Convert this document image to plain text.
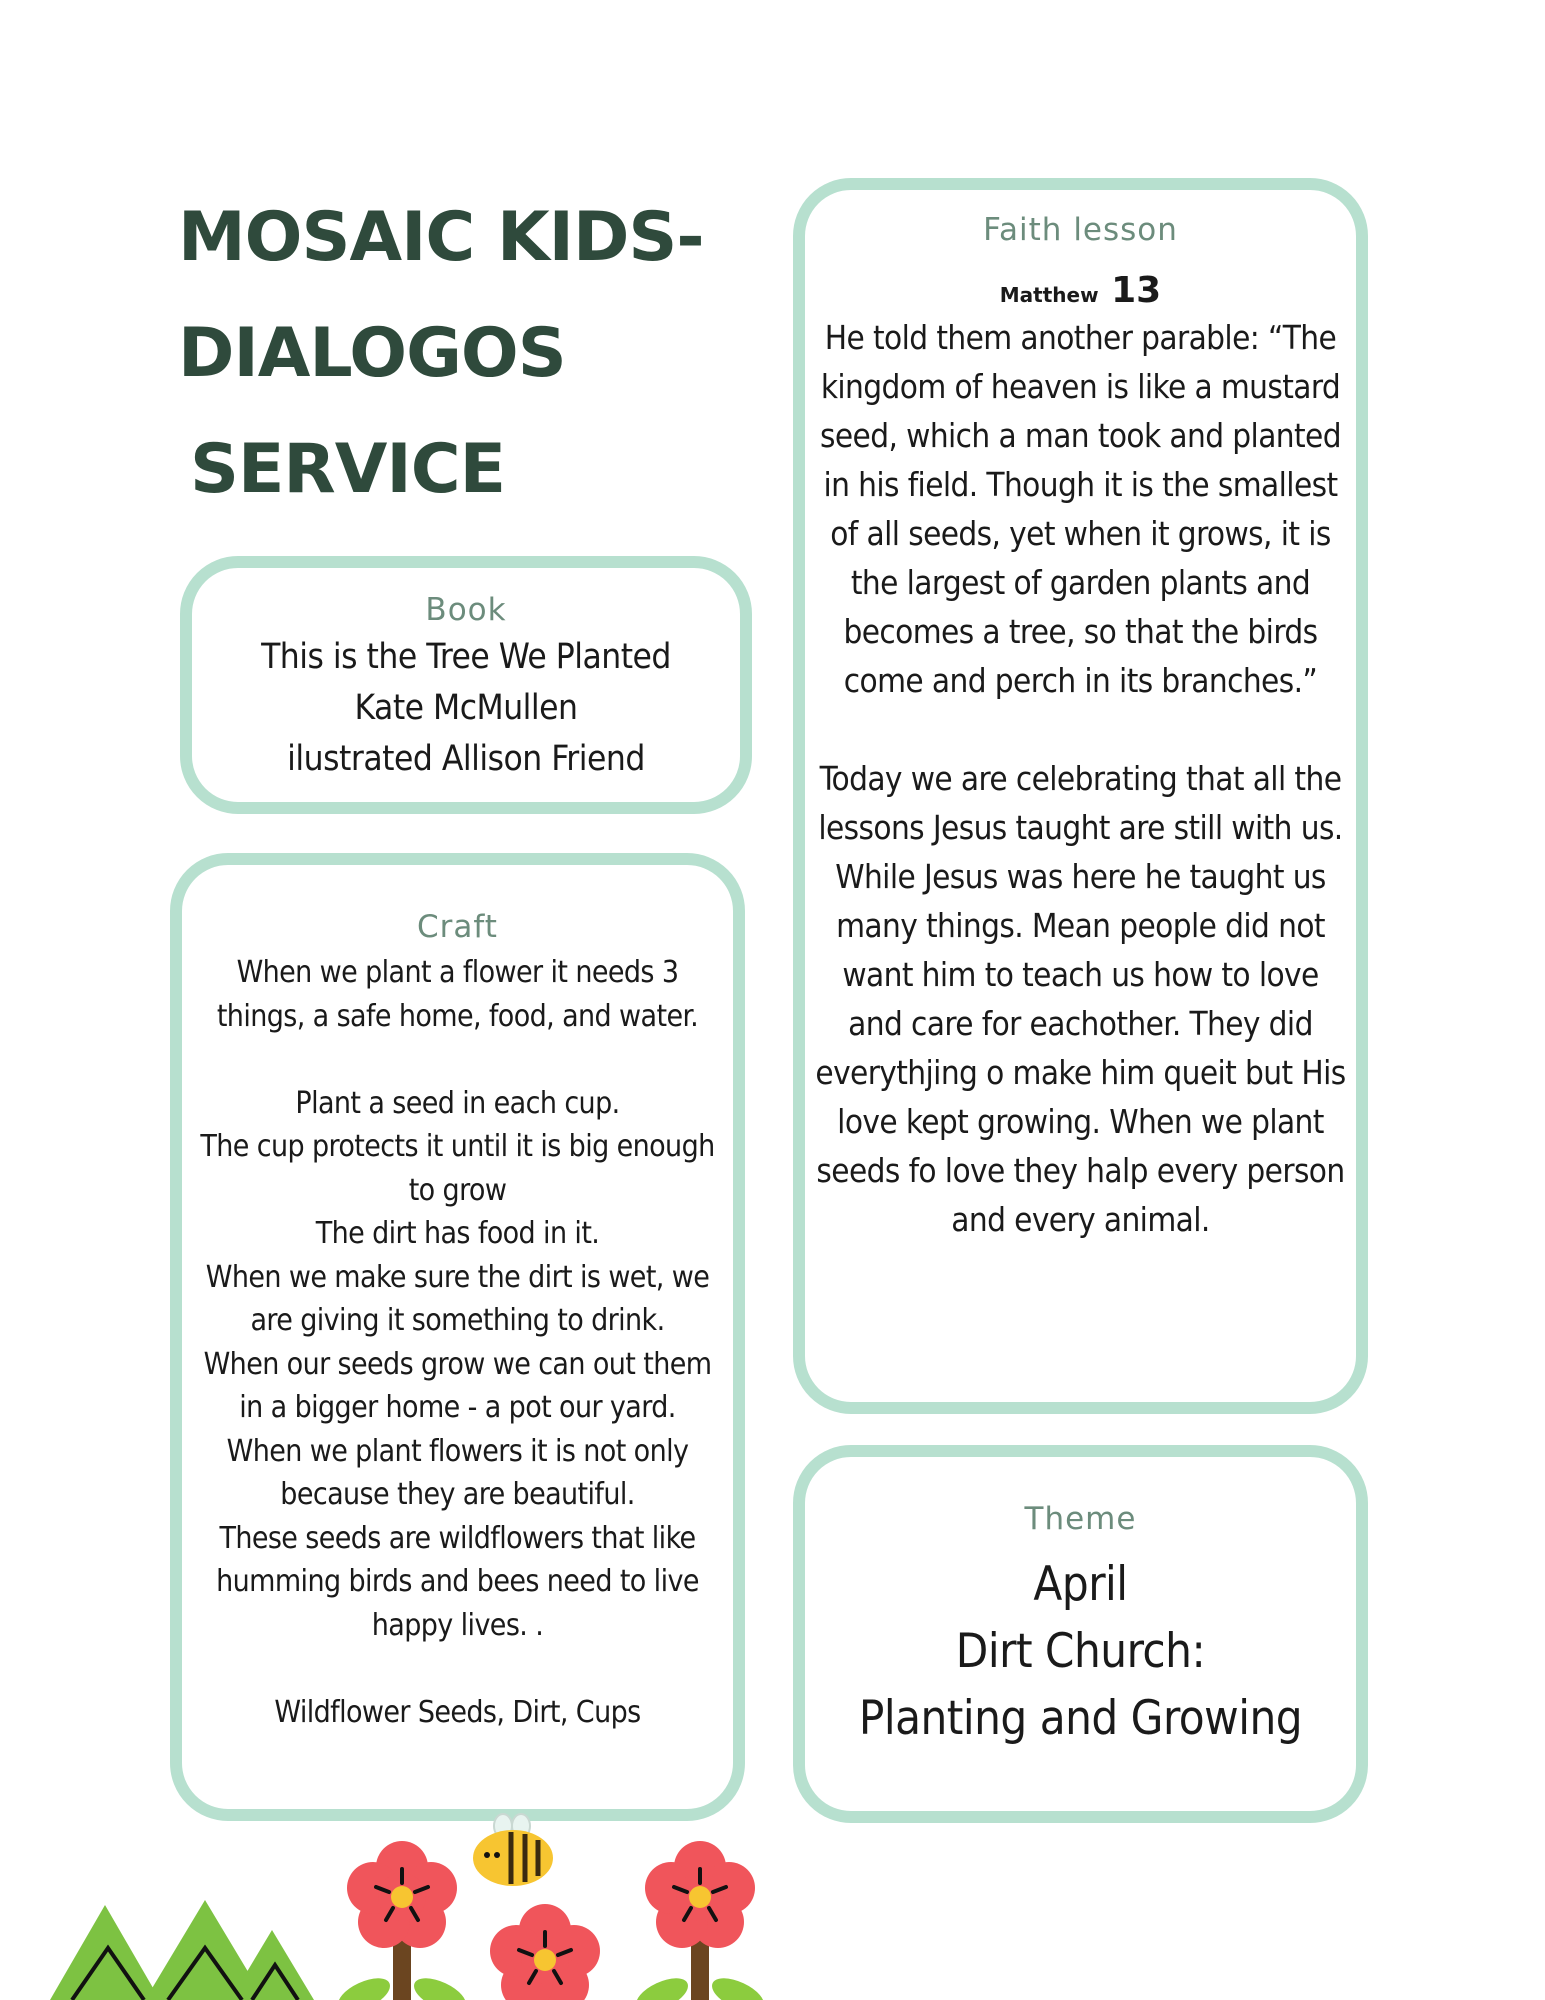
MOSAIC KIDS-
DIALOGOS
SERVICE
Book
This is the Tree We Planted
Kate McMullen
ilustrated Allison Friend
Craft
When we plant a flower it needs 3 things, a safe home, food, and water.

Plant a seed in each cup.
The cup protects it until it is big enough to grow
The dirt has food in it.
When we make sure the dirt is wet, we are giving it something to drink.
When our seeds grow we can out them in a bigger home - a pot our yard. When we plant flowers it is not only because they are beautiful.
These seeds are wildflowers that like humming birds and bees need to live happy lives. .

Wildflower Seeds, Dirt, Cups
Faith lesson
Matthew 13
He told them another parable: “The kingdom of heaven is like a mustard seed, which a man took and planted in his field. Though it is the smallest of all seeds, yet when it grows, it is the largest of garden plants and becomes a tree, so that the birds come and perch in its branches.”

Today we are celebrating that all the lessons Jesus taught are still with us. While Jesus was here he taught us many things. Mean people did not want him to teach us how to love and care for eachother. They did everythjing o make him queit but His love kept growing. When we plant seeds fo love they halp every person and every animal.
Theme
April
Dirt Church:
Planting and Growing
